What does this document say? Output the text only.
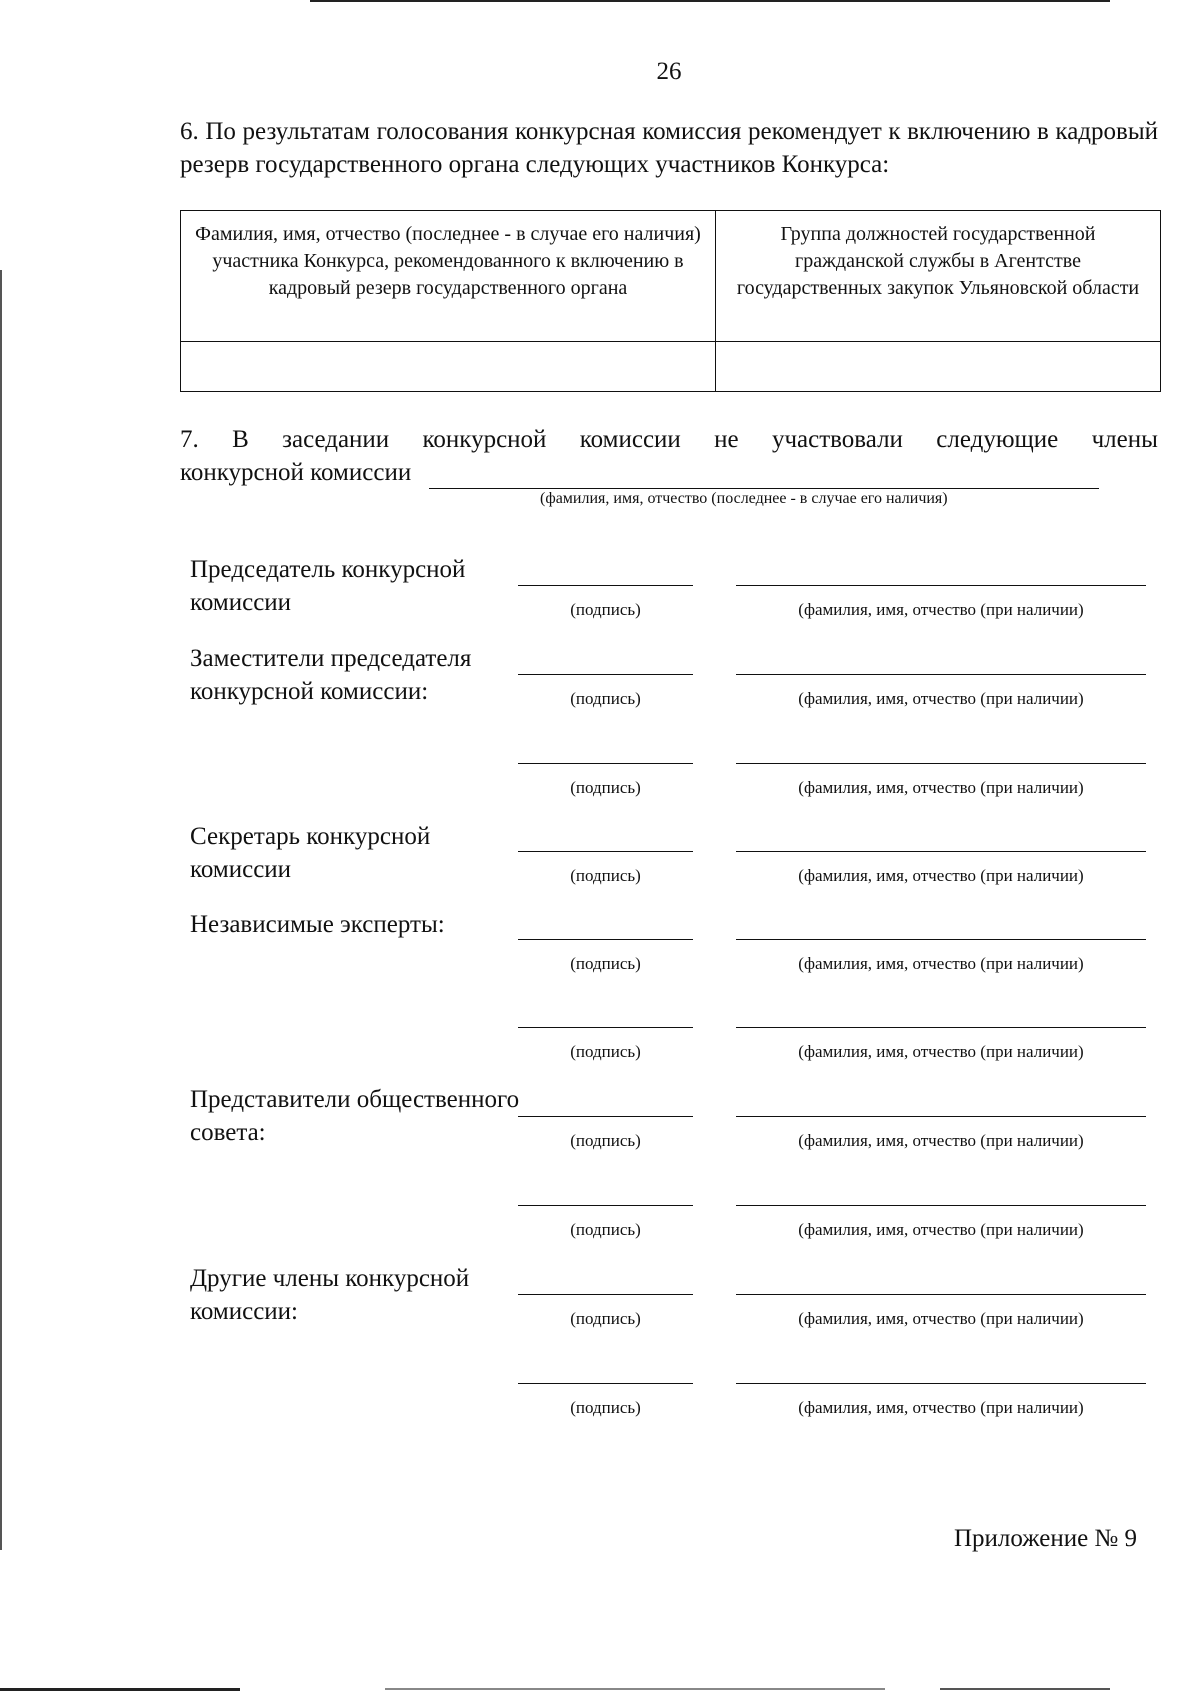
26
6. По результатам голосования конкурсная комиссия рекомендует к включению в кадровый резерв государственного органа следующих участников Конкурса:
Фамилия, имя, отчество (последнее - в случае его наличия) участника Конкурса, рекомендованного к включению в кадровый резерв государственного органа	Группа должностей государственной гражданской службы в Агентстве государственных закупок Ульяновской области

7. В заседании конкурсной комиссии не участвовали следующие члены
конкурсной комиссии
(фамилия, имя, отчество (последнее - в случае его наличия)
Председатель конкурсной комиссии	(подпись)	(фамилия, имя, отчество (при наличии)
Заместители председателя конкурсной комиссии:	(подпись)	(фамилия, имя, отчество (при наличии)
(подпись)	(фамилия, имя, отчество (при наличии)
Секретарь конкурсной комиссии	(подпись)	(фамилия, имя, отчество (при наличии)
Независимые эксперты:
(подпись)	(фамилия, имя, отчество (при наличии)
(подпись)	(фамилия, имя, отчество (при наличии)
Представители общественного совета:	(подпись)	(фамилия, имя, отчество (при наличии)
(подпись)	(фамилия, имя, отчество (при наличии)
Другие члены конкурсной комиссии:	(подпись)	(фамилия, имя, отчество (при наличии)
(подпись)	(фамилия, имя, отчество (при наличии)
Приложение № 9
